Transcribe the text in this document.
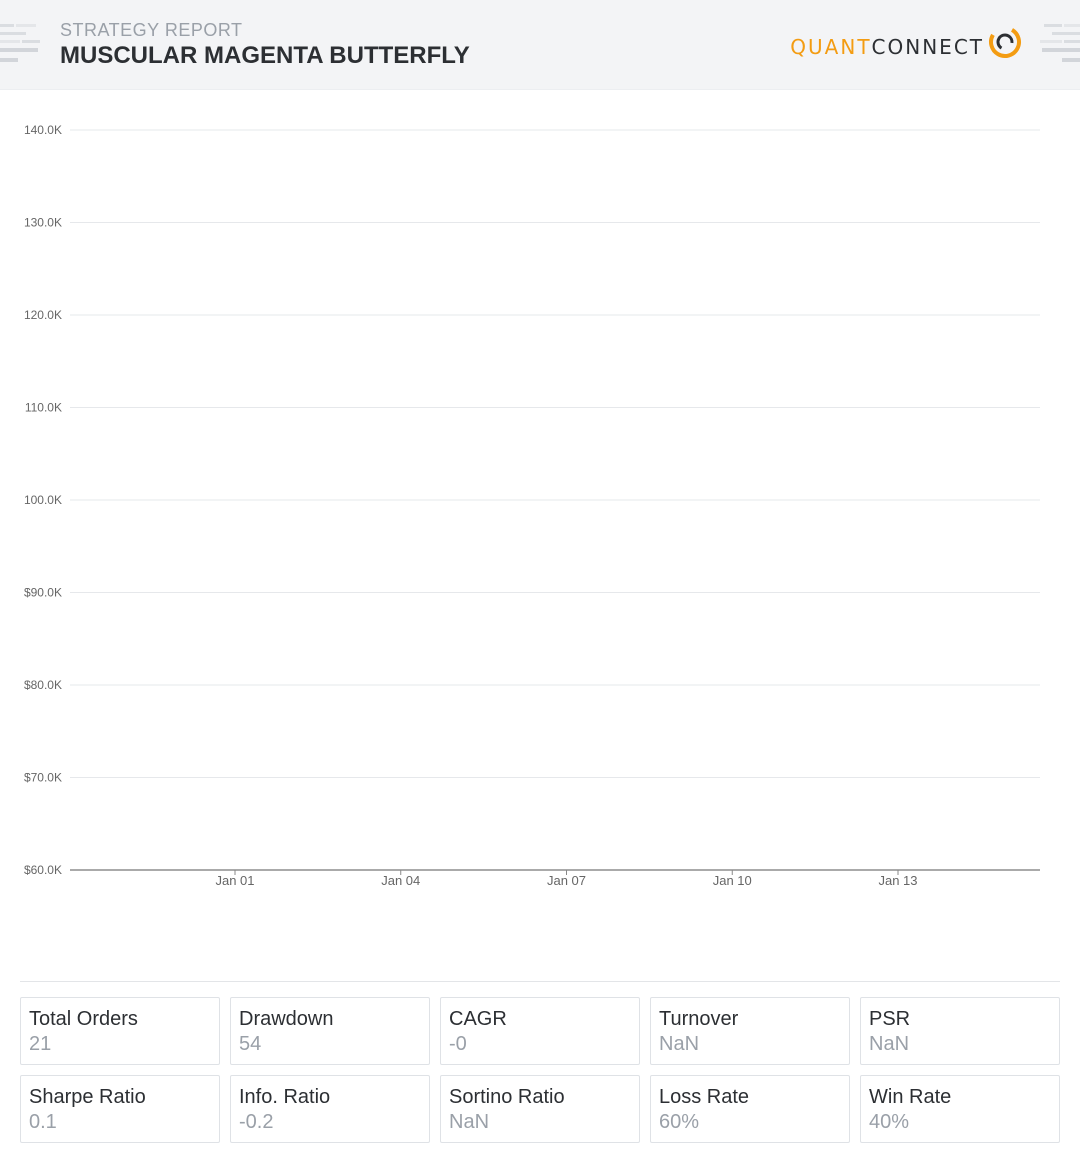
STRATEGY REPORT
MUSCULAR MAGENTA BUTTERFLY	QUANT CONNECT
$60.0K
$70.0K
$80.0K
$90.0K
100.0K
110.0K
120.0K
130.0K
140.0K
Jan 01	Jan 04	Jan 07	Jan 10	Jan 13
Total Orders
21
Drawdown
54
CAGR
-0
Turnover
NaN
PSR
NaN
Sharpe Ratio
0.1
Info. Ratio
-0.2
Sortino Ratio
NaN
Loss Rate
60%
Win Rate
40%
